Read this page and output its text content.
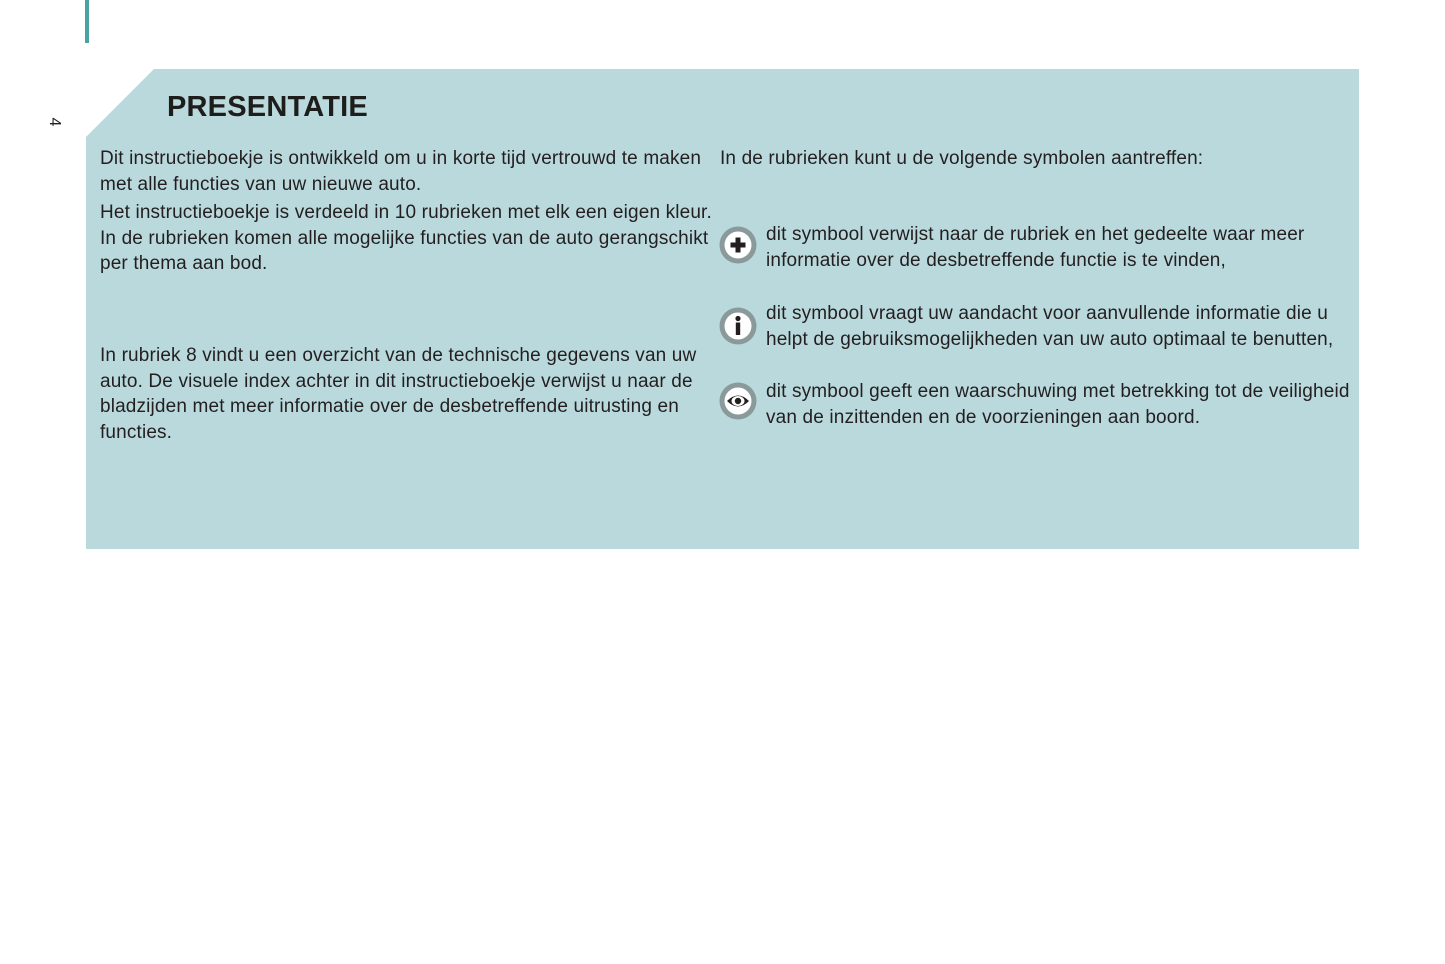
4	PRESENTATIE

Dit instructieboekje is ontwikkeld om u in korte tijd vertrouwd te maken met alle functies van uw nieuwe auto.

Het instructieboekje is verdeeld in 10 rubrieken met elk een eigen kleur. In de rubrieken komen alle mogelijke functies van de auto gerangschikt per thema aan bod.

In rubriek 8 vindt u een overzicht van de technische gegevens van uw auto. De visuele index achter in dit instructieboekje verwijst u naar de bladzijden met meer informatie over de desbetreffende uitrusting en functies.

In de rubrieken kunt u de volgende symbolen aantreffen:

dit symbool verwijst naar de rubriek en het gedeelte waar meer informatie over de desbetreffende functie is te vinden,

dit symbool vraagt uw aandacht voor aanvullende informatie die u helpt de gebruiksmogelijkheden van uw auto optimaal te benutten,

dit symbool geeft een waarschuwing met betrekking tot de veiligheid van de inzittenden en de voorzieningen aan boord.
